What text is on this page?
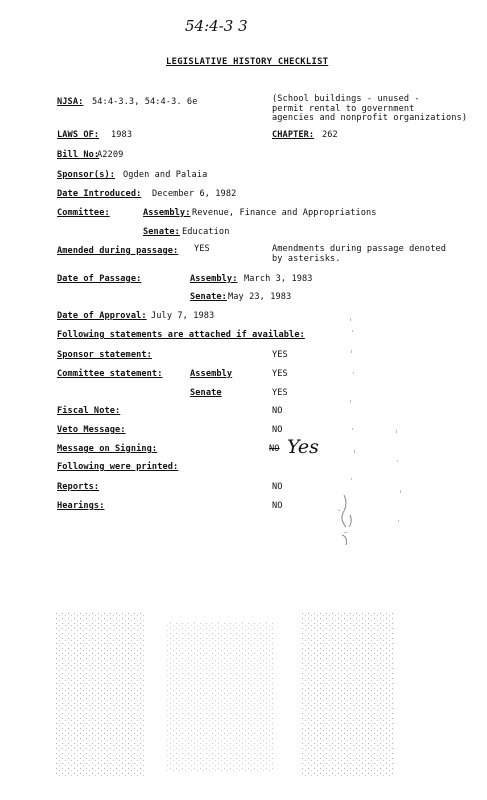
54:4-3 3
LEGISLATIVE HISTORY CHECKLIST
NJSA: 54:4-3.3, 54:4-3. 6e	(School buildings - unused -
permit rental to government
agencies and nonprofit organizations)
LAWS OF: 1983	CHAPTER: 262
Bill No:
A2209
Sponsor(s): Ogden and Palaia
Date Introduced: December 6, 1982
Committee:	Assembly: Revenue, Finance and Appropriations
Senate: Education
Amended during passage: YES	Amendments during passage denoted
by asterisks.
Date of Passage:	Assembly: March 3, 1983
Senate: May 23, 1983
Date of Approval: July 7, 1983
Following statements are attached if available:
Sponsor statement:	YES
Committee statement:	Assembly	YES
Senate	YES
Fiscal Note:	NO
Veto Message:	NO
Message on Signing:	NO Yes
Following were printed:
Reports:	NO
Hearings:	NO
